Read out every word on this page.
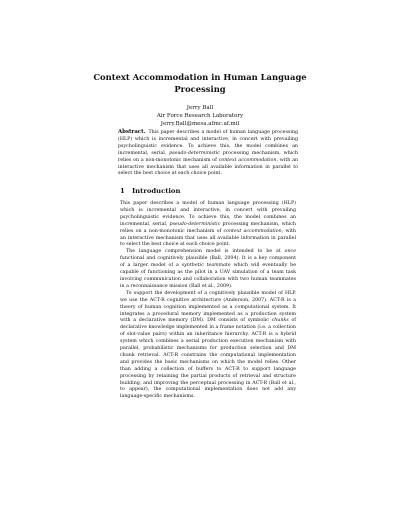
Context Accommodation in Human Language Processing
Jerry Ball
Air Force Research Laboratory
Jerry.Ball@mesa.afmc.af.mil
Abstract. This paper describes a model of human language processing (HLP) which is incremental and interactive, in concert with prevailing psycholinguistic evidence. To achieve this, the model combines an incremental, serial, pseudo-deterministic processing mechanism, which relies on a non-monotonic mechanism of context accommodation, with an interactive mechanism that uses all available information in parallel to select the best choice at each choice point.
1 Introduction

This paper describes a model of human language processing (HLP) which is incremental and interactive, in concert with prevailing psycholinguistic evidence. To achieve this, the model combines an incremental, serial, pseudo-deterministic processing mechanism, which relies on a non-monotonic mechanism of context accommodation, with an interactive mechanism that uses all available information in parallel to select the best choice at each choice point.

The language comprehension model is intended to be at once functional and cognitively plausible (Ball, 2004). It is a key component of a larger model of a synthetic teammate which will eventually be capable of functioning as the pilot in a UAV simulation of a team task involving communication and collaboration with two human teammates in a reconnaissance mission (Ball et al., 2009).

To support the development of a cognitively plausible model of HLP, we use the ACT-R cognitive architecture (Anderson, 2007). ACT-R is a theory of human cognition implemented as a computational system. It integrates a procedural memory implemented as a production system with a declarative memory (DM). DM consists of symbolic chunks of declarative knowledge implemented in a frame notation (i.e. a collection of slot-value pairs) within an inheritance hierarchy. ACT-R is a hybrid system which combines a serial production execution mechanism with parallel, probabilistic mechanisms for production selection and DM chunk retrieval. ACT-R constrains the computational implementation and provides the basic mechanisms on which the model relies. Other than adding a collection of buffers to ACT-R to support language processing by retaining the partial products of retrieval and structure building, and improving the perceptual processing in ACT-R (Ball et al., to appear), the computational implementation does not add any language-specific mechanisms.
